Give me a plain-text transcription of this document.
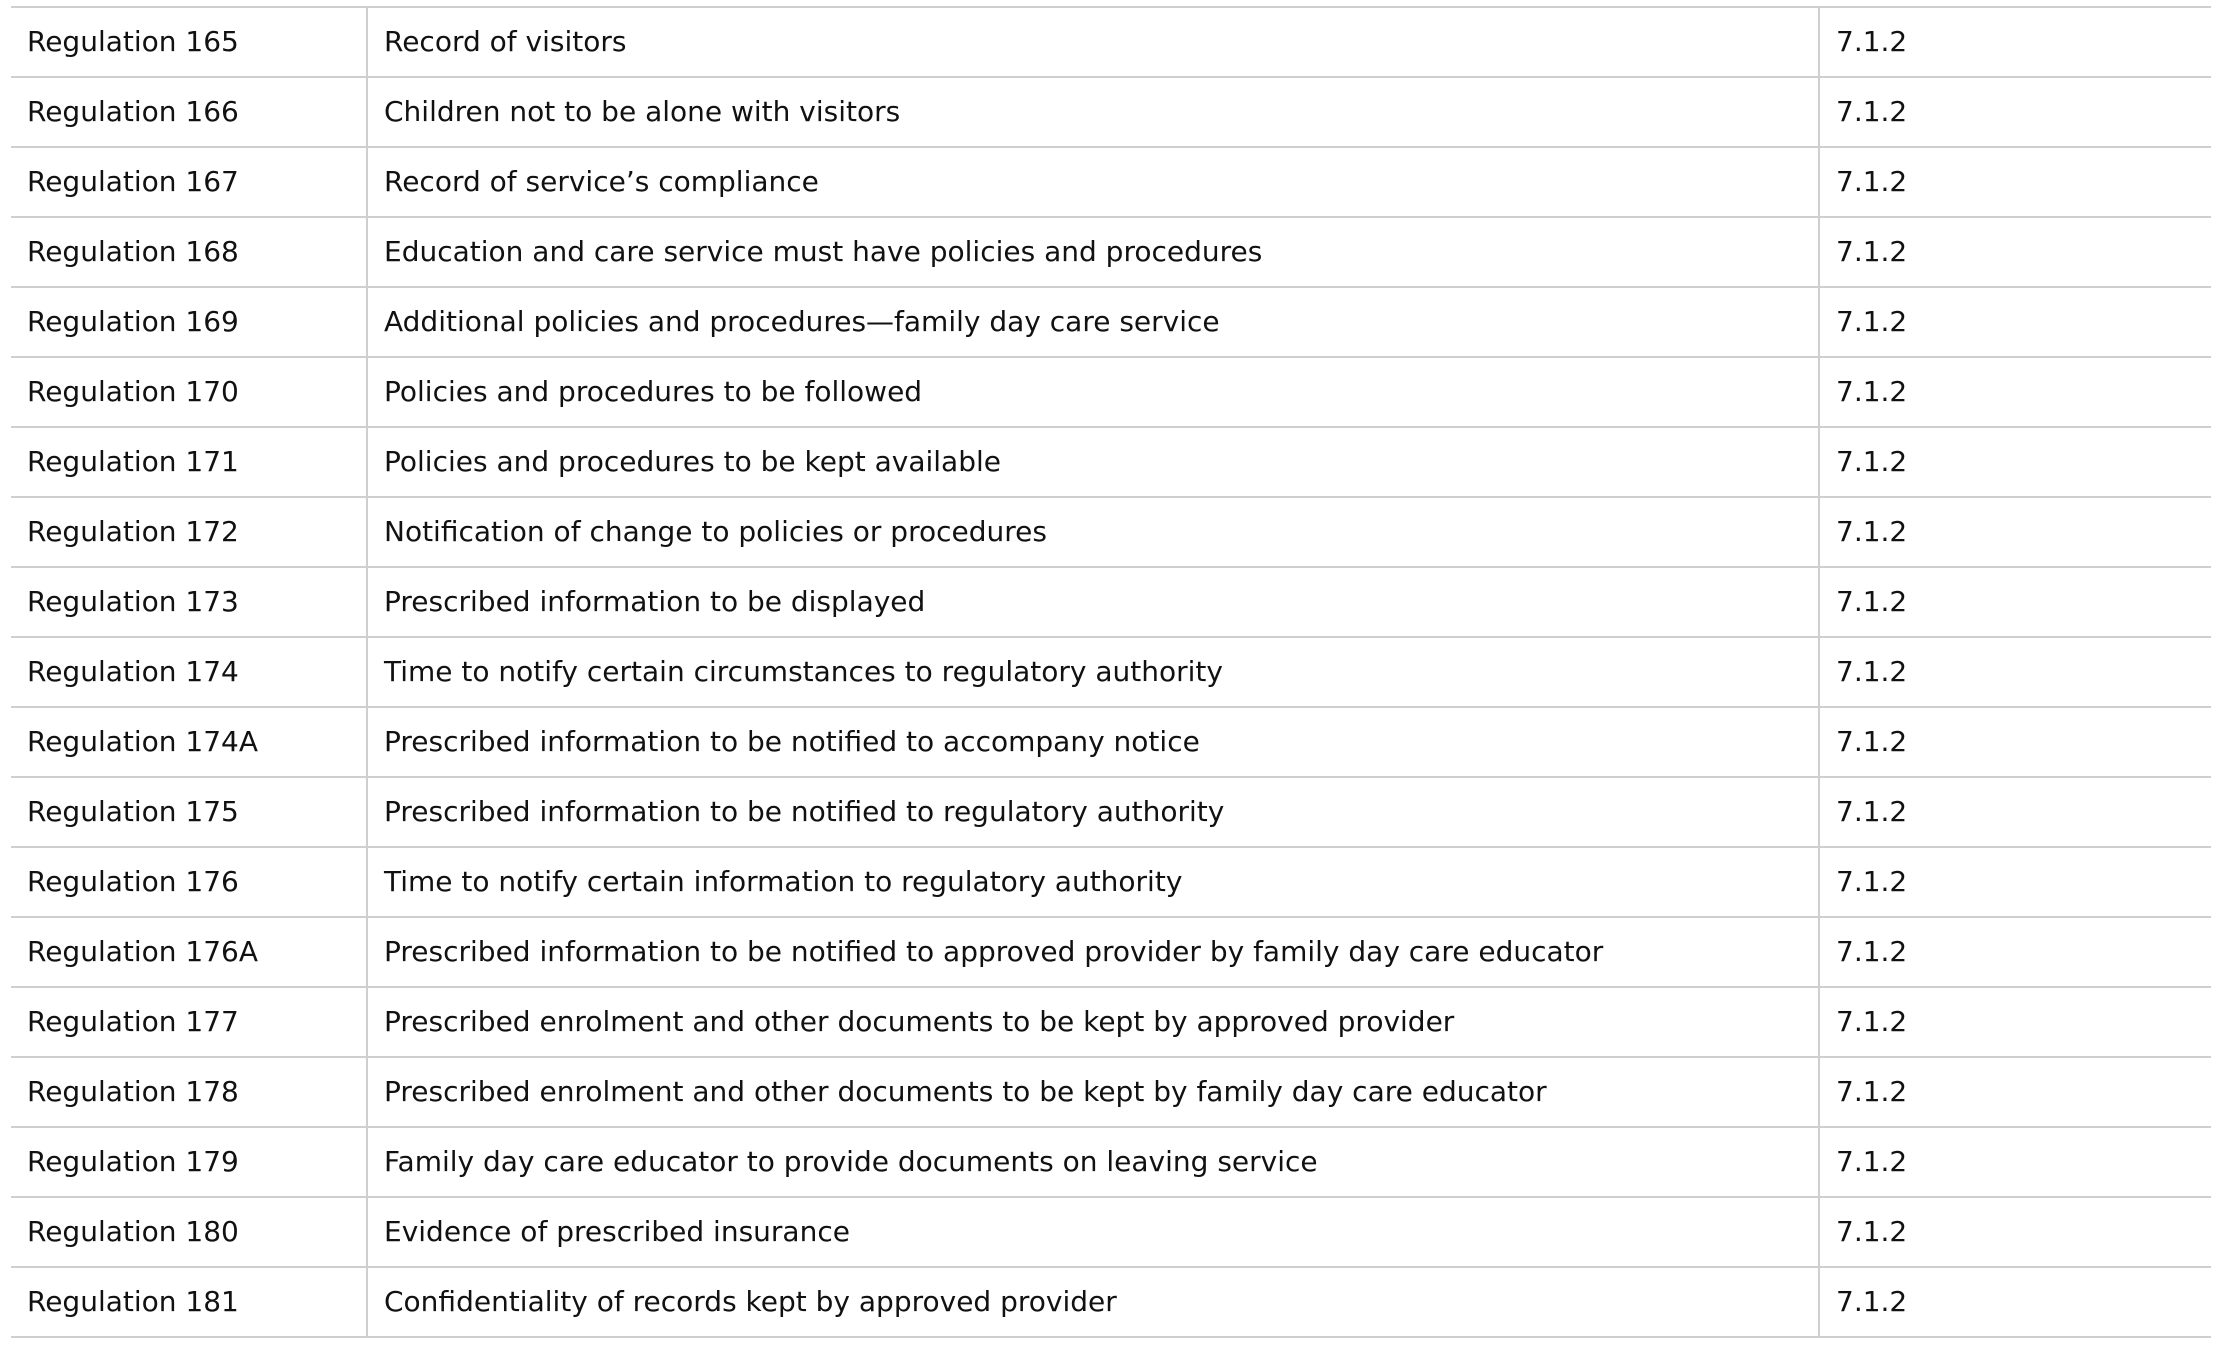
Regulation 165	Record of visitors	7.1.2
Regulation 166	Children not to be alone with visitors	7.1.2
Regulation 167	Record of service’s compliance	7.1.2
Regulation 168	Education and care service must have policies and procedures	7.1.2
Regulation 169	Additional policies and procedures—family day care service	7.1.2
Regulation 170	Policies and procedures to be followed	7.1.2
Regulation 171	Policies and procedures to be kept available	7.1.2
Regulation 172	Notification of change to policies or procedures	7.1.2
Regulation 173	Prescribed information to be displayed	7.1.2
Regulation 174	Time to notify certain circumstances to regulatory authority	7.1.2
Regulation 174A	Prescribed information to be notified to accompany notice	7.1.2
Regulation 175	Prescribed information to be notified to regulatory authority	7.1.2
Regulation 176	Time to notify certain information to regulatory authority	7.1.2
Regulation 176A	Prescribed information to be notified to approved provider by family day care educator	7.1.2
Regulation 177	Prescribed enrolment and other documents to be kept by approved provider	7.1.2
Regulation 178	Prescribed enrolment and other documents to be kept by family day care educator	7.1.2
Regulation 179	Family day care educator to provide documents on leaving service	7.1.2
Regulation 180	Evidence of prescribed insurance	7.1.2
Regulation 181	Confidentiality of records kept by approved provider	7.1.2
